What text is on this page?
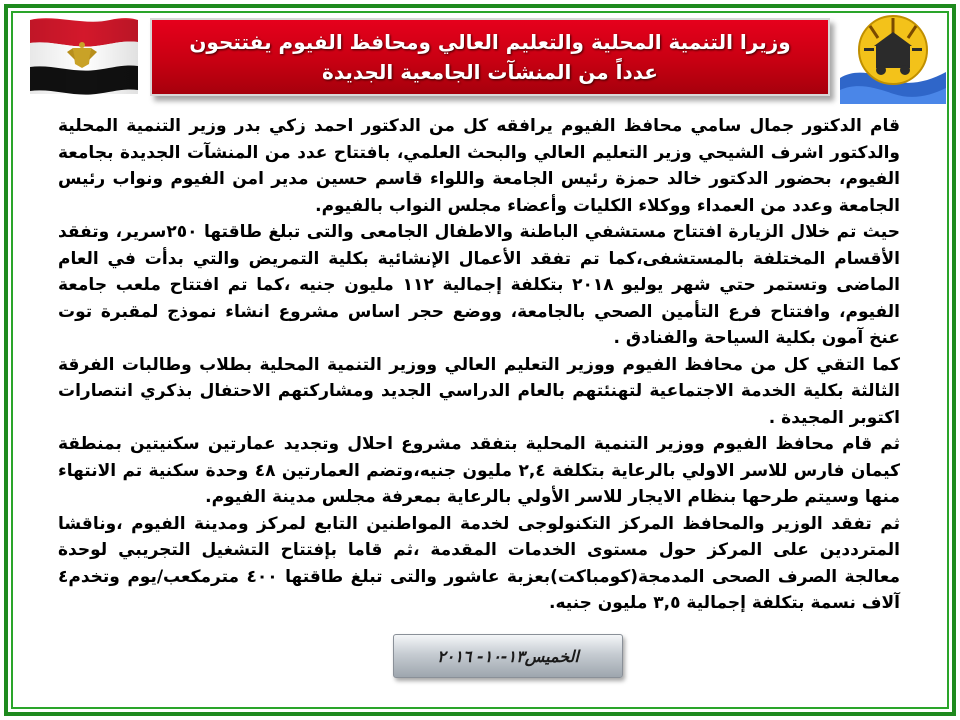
وزيرا التنمية المحلية والتعليم العالي ومحافظ الفيوم يفتتحون عدداً من المنشآت الجامعية الجديدة

قام الدكتور جمال سامي محافظ الفيوم يرافقه كل من الدكتور احمد زكي بدر وزير التنمية المحلية والدكتور اشرف الشيحي وزير التعليم العالي والبحث العلمي، بافتتاح عدد من المنشآت الجديدة بجامعة الفيوم، بحضور الدكتور خالد حمزة رئيس الجامعة واللواء قاسم حسين مدير امن الفيوم ونواب رئيس الجامعة وعدد من العمداء ووكلاء الكليات وأعضاء مجلس النواب بالفيوم.

حيث تم خلال الزيارة افتتاح مستشفي الباطنة والاطفال الجامعى والتى تبلغ طاقتها ٢٥٠سرير، وتفقد الأقسام المختلفة بالمستشفى،كما تم تفقد الأعمال الإنشائية بكلية التمريض والتي بدأت في العام الماضى وتستمر حتي شهر يوليو ٢٠١٨ بتكلفة إجمالية ١١٢ مليون جنيه ،كما تم افتتاح ملعب جامعة الفيوم، وافتتاح فرع التأمين الصحي بالجامعة، ووضع حجر اساس مشروع انشاء نموذج لمقبرة توت عنخ آمون بكلية السياحة والفنادق .

كما التقي كل من محافظ الفيوم ووزير التعليم العالي ووزير التنمية المحلية بطلاب وطالبات الفرقة الثالثة بكلية الخدمة الاجتماعية لتهنئتهم بالعام الدراسي الجديد ومشاركتهم الاحتفال بذكري انتصارات اكتوبر المجيدة .

ثم قام محافظ الفيوم ووزير التنمية المحلية بتفقد مشروع احلال وتجديد عمارتين سكنيتين بمنطقة كيمان فارس للاسر الاولي بالرعاية بتكلفة ٢,٤ مليون جنيه،وتضم العمارتين ٤٨ وحدة سكنية تم الانتهاء منها وسيتم طرحها بنظام الايجار للاسر الأولي بالرعاية بمعرفة مجلس مدينة الفيوم.

ثم تفقد الوزير والمحافظ المركز التكنولوجى لخدمة المواطنين التابع لمركز ومدينة الفيوم ،وناقشا المترددين على المركز حول مستوى الخدمات المقدمة ،ثم قاما بإفتتاح التشغيل التجريبي لوحدة معالجة الصرف الصحى المدمجة(كومباكت)بعزبة عاشور والتى تبلغ طاقتها ٤٠٠ مترمكعب/يوم وتخدم٤ آلاف نسمة بتكلفة إجمالية ٣,٥ مليون جنيه.

الخميس١٣-١٠- ٢٠١٦
